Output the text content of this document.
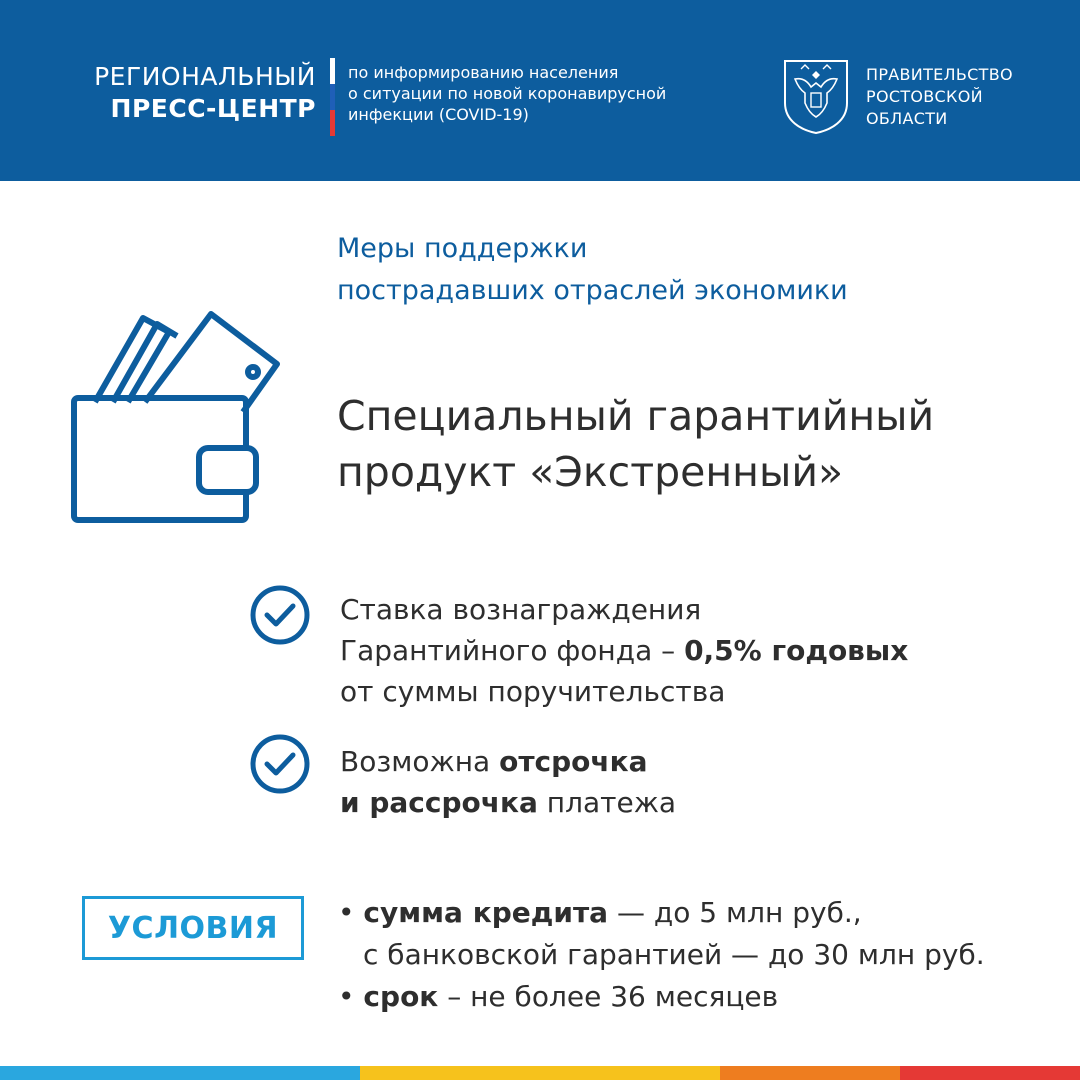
РЕГИОНАЛЬНЫЙ
ПРЕСС-ЦЕНТР
по информированию населения
о ситуации по новой коронавирусной
инфекции (COVID-19)
ПРАВИТЕЛЬСТВО
РОСТОВСКОЙ
ОБЛАСТИ
Меры поддержки
пострадавших отраслей экономики
Специальный гарантийный
продукт «Экстренный»
Ставка вознаграждения
Гарантийного фонда – 0,5% годовых
от суммы поручительства
Возможна отсрочка
и рассрочка платежа
УСЛОВИЯ	• сумма кредита — до 5 млн руб.,
с банковской гарантией — до 30 млн руб.
• срок – не более 36 месяцев
